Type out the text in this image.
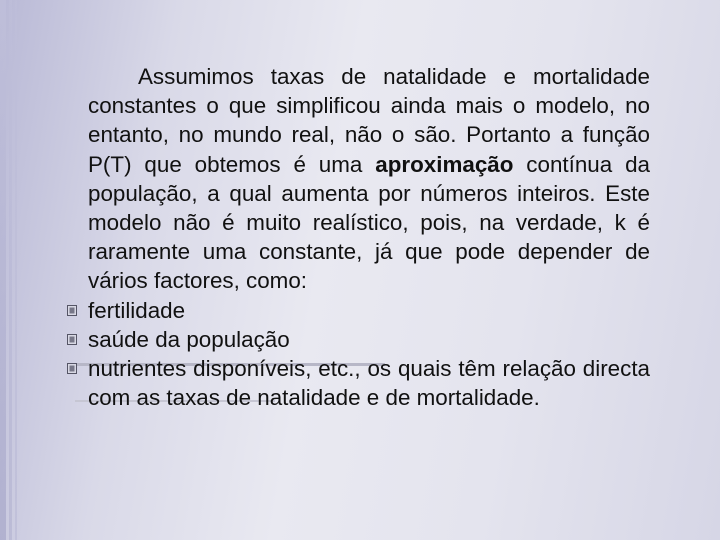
Assumimos taxas de natalidade e mortalidade constantes o que simplificou ainda mais o modelo, no entanto, no mundo real, não o são. Portanto a função P(T) que obtemos é uma aproximação contínua da população, a qual aumenta por números inteiros. Este modelo não é muito realístico, pois, na verdade, k é raramente uma constante, já que pode depender de vários factores, como:

fertilidade
saúde da população
nutrientes disponíveis, etc., os quais têm relação directa com as taxas de natalidade e de mortalidade.
